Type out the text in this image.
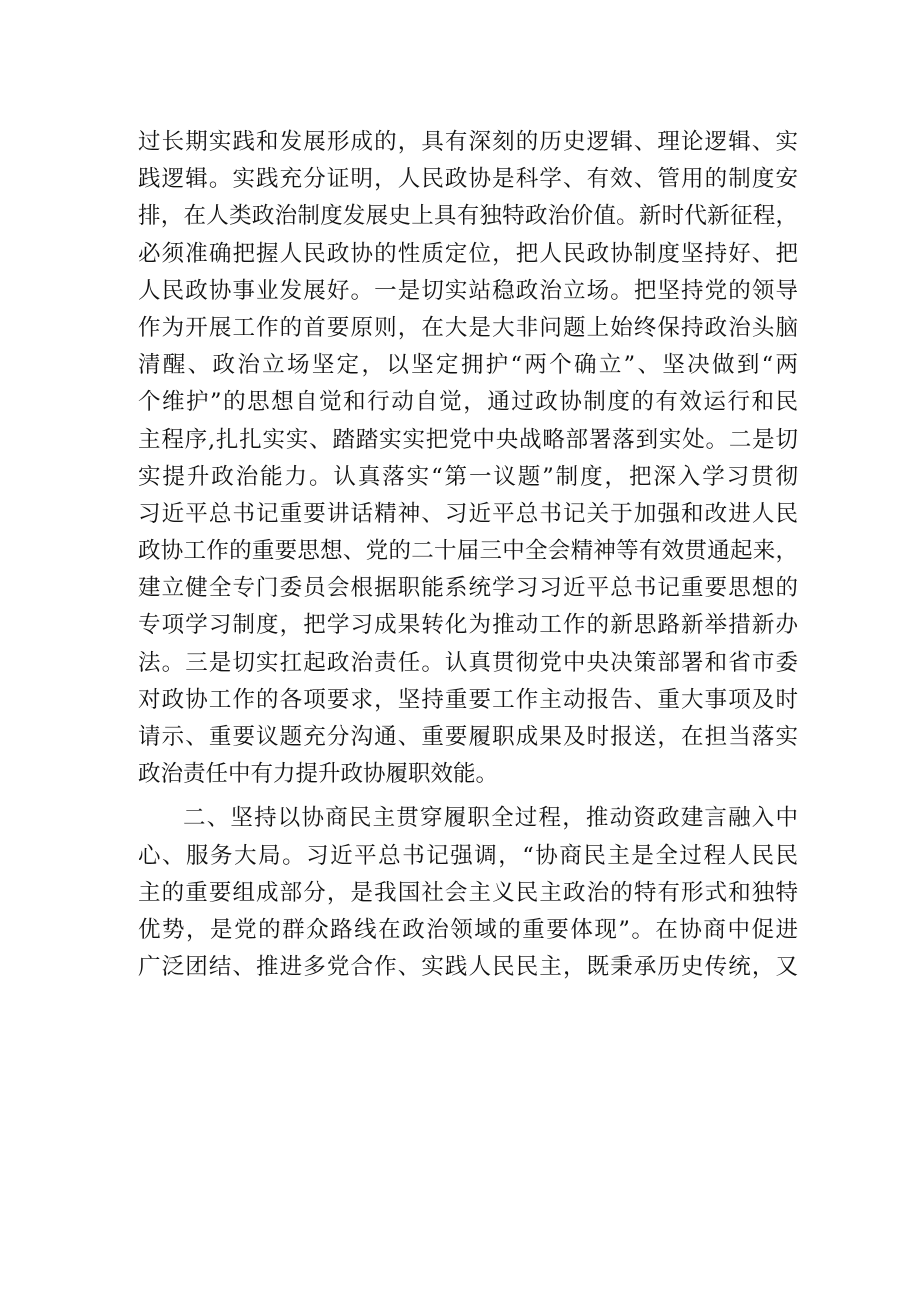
过长期实践和发展形成的，具有深刻的历史逻辑、理论逻辑、实
践逻辑。实践充分证明，人民政协是科学、有效、管用的制度安
排，在人类政治制度发展史上具有独特政治价值。新时代新征程，
必须准确把握人民政协的性质定位，把人民政协制度坚持好、把
人民政协事业发展好。一是切实站稳政治立场。把坚持党的领导
作为开展工作的首要原则，在大是大非问题上始终保持政治头脑
清醒、政治立场坚定，以坚定拥护“两个确立”、坚决做到“两
个维护”的思想自觉和行动自觉，通过政协制度的有效运行和民
主程序,扎扎实实、踏踏实实把党中央战略部署落到实处。二是切
实提升政治能力。认真落实“第一议题”制度，把深入学习贯彻
习近平总书记重要讲话精神、习近平总书记关于加强和改进人民
政协工作的重要思想、党的二十届三中全会精神等有效贯通起来，
建立健全专门委员会根据职能系统学习习近平总书记重要思想的
专项学习制度，把学习成果转化为推动工作的新思路新举措新办
法。三是切实扛起政治责任。认真贯彻党中央决策部署和省市委
对政协工作的各项要求，坚持重要工作主动报告、重大事项及时
请示、重要议题充分沟通、重要履职成果及时报送，在担当落实
政治责任中有力提升政协履职效能。
二、坚持以协商民主贯穿履职全过程，推动资政建言融入中
心、服务大局。习近平总书记强调，“协商民主是全过程人民民
主的重要组成部分，是我国社会主义民主政治的特有形式和独特
优势，是党的群众路线在政治领域的重要体现”。在协商中促进
广泛团结、推进多党合作、实践人民民主，既秉承历史传统，又
